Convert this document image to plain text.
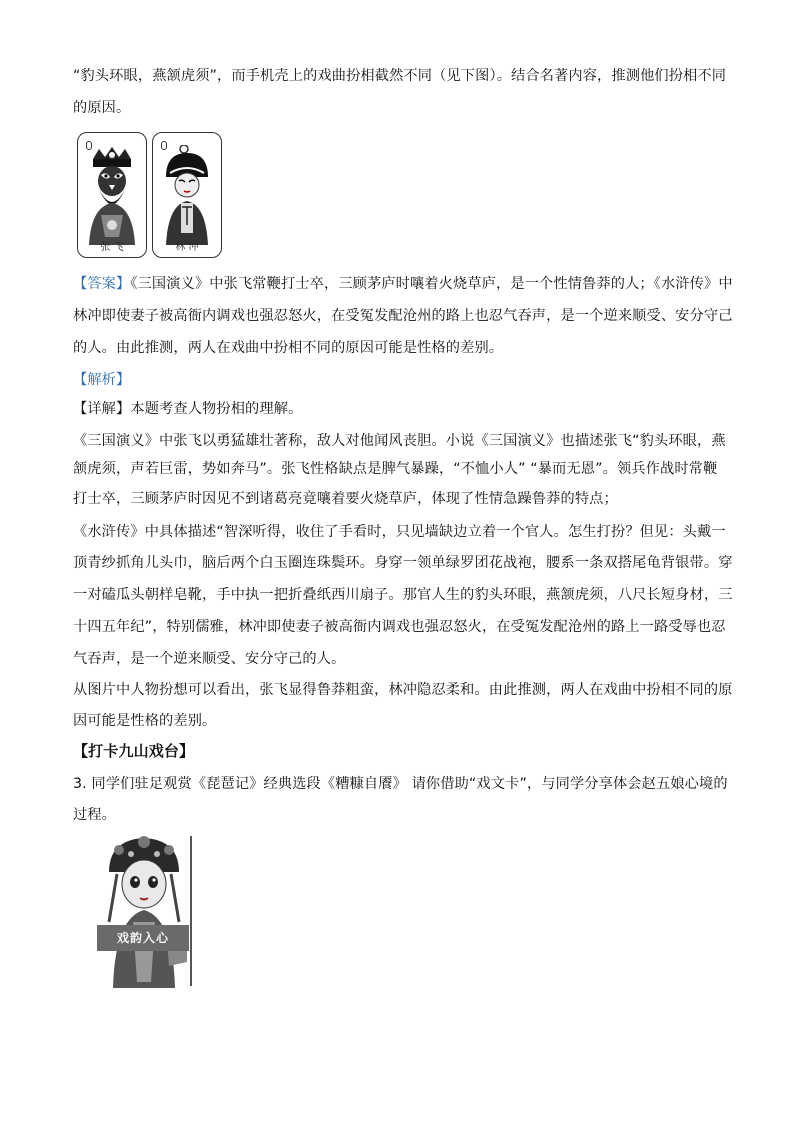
“豹头环眼，燕颔虎须”，而手机壳上的戏曲扮相截然不同（见下图）。结合名著内容，推测他们扮相不同
的原因。
张 飞	林 冲
【答案】《三国演义》中张飞常鞭打士卒，三顾茅庐时嚷着火烧草庐，是一个性情鲁莽的人；《水浒传》中
林冲即使妻子被高衙内调戏也强忍怒火，在受冤发配沧州的路上也忍气吞声，是一个逆来顺受、安分守己
的人。由此推测，两人在戏曲中扮相不同的原因可能是性格的差别。
【解析】
【详解】本题考查人物扮相的理解。
《三国演义》中张飞以勇猛雄壮著称，敌人对他闻风丧胆。小说《三国演义》也描述张飞“豹头环眼，燕
颔虎须，声若巨雷，势如奔马”。张飞性格缺点是脾气暴躁，“不恤小人” “暴而无恩”。领兵作战时常鞭
打士卒，三顾茅庐时因见不到诸葛亮竟嚷着要火烧草庐，体现了性情急躁鲁莽的特点；
《水浒传》中具体描述“智深听得，收住了手看时，只见墙缺边立着一个官人。怎生打扮？但见：头戴一
顶青纱抓角儿头巾，脑后两个白玉圈连珠鬓环。身穿一领单绿罗团花战袍，腰系一条双搭尾龟背银带。穿
一对磕瓜头朝样皂靴，手中执一把折叠纸西川扇子。那官人生的豹头环眼，燕颔虎须，八尺长短身材，三
十四五年纪”，特别儒雅，林冲即使妻子被高衙内调戏也强忍怒火，在受冤发配沧州的路上一路受辱也忍
气吞声，是一个逆来顺受、安分守己的人。
从图片中人物扮想可以看出，张飞显得鲁莽粗蛮，林冲隐忍柔和。由此推测，两人在戏曲中扮相不同的原
因可能是性格的差别。
【打卡九山戏台】
3. 同学们驻足观赏《琵琶记》经典选段《糟糠自餍》 请你借助“戏文卡”，与同学分享体会赵五娘心境的
过程。
戏韵入心
